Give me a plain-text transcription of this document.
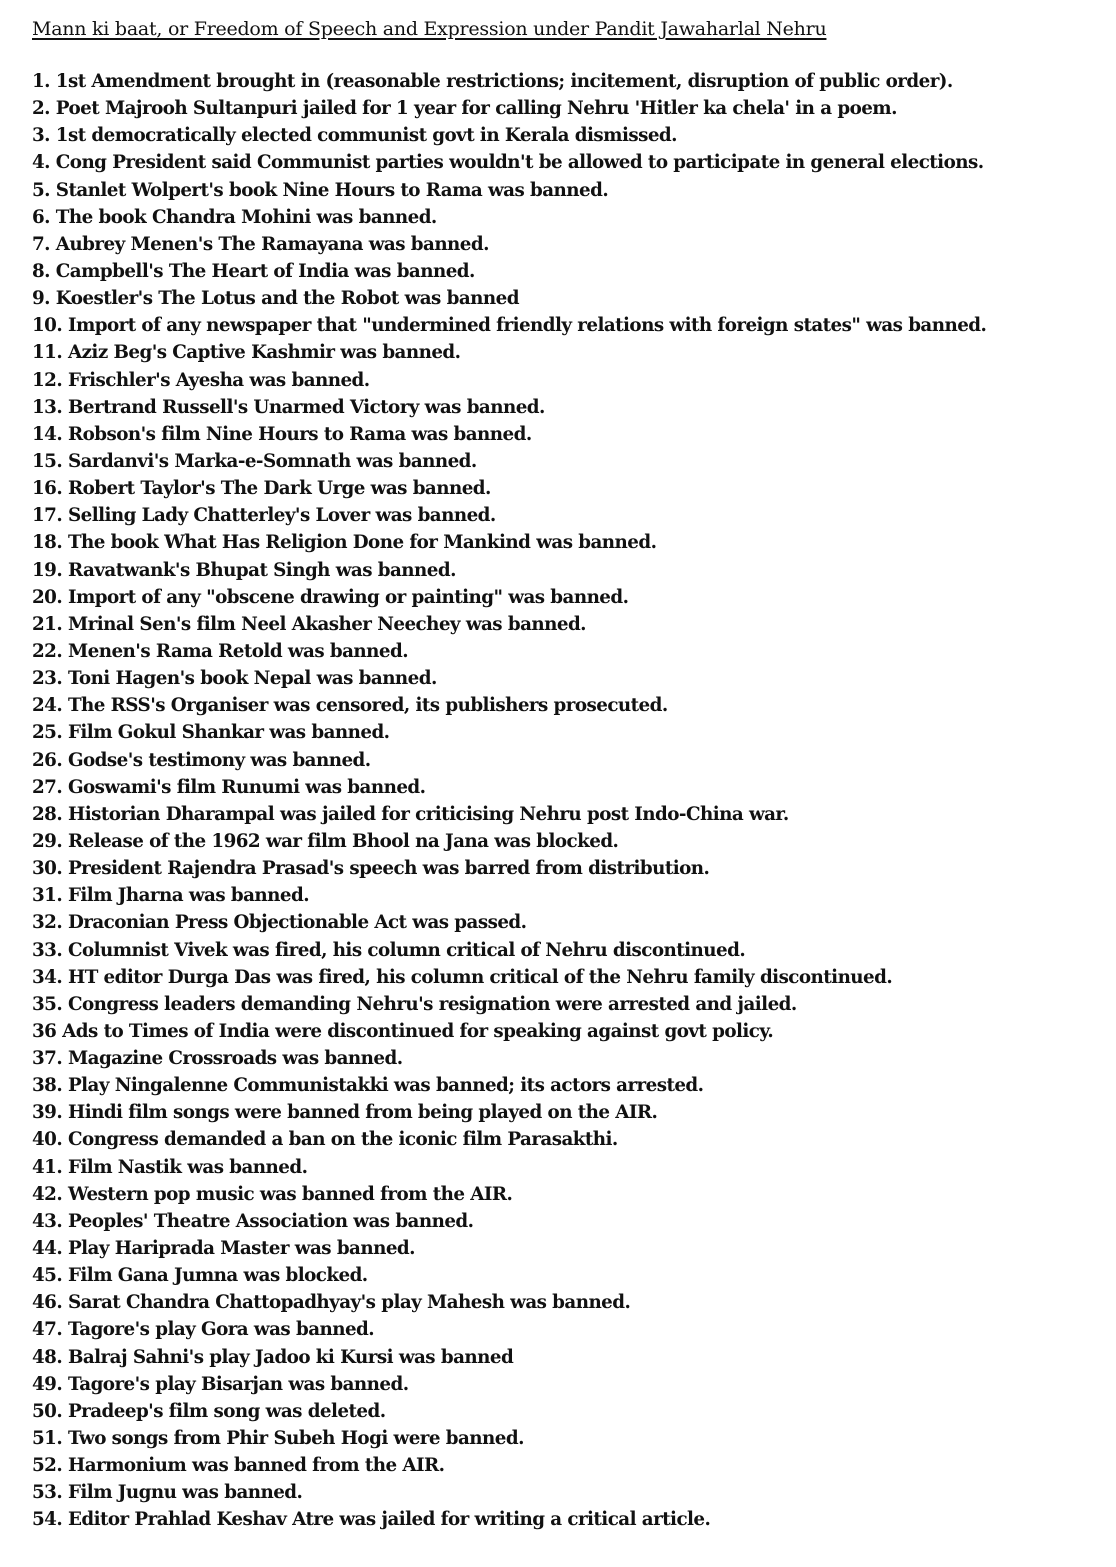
Mann ki baat, or Freedom of Speech and Expression under Pandit Jawaharlal Nehru
1. 1st Amendment brought in (reasonable restrictions; incitement, disruption of public order).
2. Poet Majrooh Sultanpuri jailed for 1 year for calling Nehru 'Hitler ka chela' in a poem.
3. 1st democratically elected communist govt in Kerala dismissed.
4. Cong President said Communist parties wouldn't be allowed to participate in general elections.
5. Stanlet Wolpert's book Nine Hours to Rama was banned.
6. The book Chandra Mohini was banned.
7. Aubrey Menen's The Ramayana was banned.
8. Campbell's The Heart of India was banned.
9. Koestler's The Lotus and the Robot was banned
10. Import of any newspaper that "undermined friendly relations with foreign states" was banned.
11. Aziz Beg's Captive Kashmir was banned.
12. Frischler's Ayesha was banned.
13. Bertrand Russell's Unarmed Victory was banned.
14. Robson's film Nine Hours to Rama was banned.
15. Sardanvi's Marka-e-Somnath was banned.
16. Robert Taylor's The Dark Urge was banned.
17. Selling Lady Chatterley's Lover was banned.
18. The book What Has Religion Done for Mankind was banned.
19. Ravatwank's Bhupat Singh was banned.
20. Import of any "obscene drawing or painting" was banned.
21. Mrinal Sen's film Neel Akasher Neechey was banned.
22. Menen's Rama Retold was banned.
23. Toni Hagen's book Nepal was banned.
24. The RSS's Organiser was censored, its publishers prosecuted.
25. Film Gokul Shankar was banned.
26. Godse's testimony was banned.
27. Goswami's film Runumi was banned.
28. Historian Dharampal was jailed for criticising Nehru post Indo-China war.
29. Release of the 1962 war film Bhool na Jana was blocked.
30. President Rajendra Prasad's speech was barred from distribution.
31. Film Jharna was banned.
32. Draconian Press Objectionable Act was passed.
33. Columnist Vivek was fired, his column critical of Nehru discontinued.
34. HT editor Durga Das was fired, his column critical of the Nehru family discontinued.
35. Congress leaders demanding Nehru's resignation were arrested and jailed.
36 Ads to Times of India were discontinued for speaking against govt policy.
37. Magazine Crossroads was banned.
38. Play Ningalenne Communistakki was banned; its actors arrested.
39. Hindi film songs were banned from being played on the AIR.
40. Congress demanded a ban on the iconic film Parasakthi.
41. Film Nastik was banned.
42. Western pop music was banned from the AIR.
43. Peoples' Theatre Association was banned.
44. Play Haripradа Master was banned.
45. Film Gana Jumna was blocked.
46. Sarat Chandra Chattopadhyay's play Mahesh was banned.
47. Tagore's play Gora was banned.
48. Balraj Sahni's play Jadoo ki Kursi was banned
49. Tagore's play Bisarjan was banned.
50. Pradeep's film song was deleted.
51. Two songs from Phir Subeh Hogi were banned.
52. Harmonium was banned from the AIR.
53. Film Jugnu was banned.
54. Editor Prahlad Keshav Atre was jailed for writing a critical article.
